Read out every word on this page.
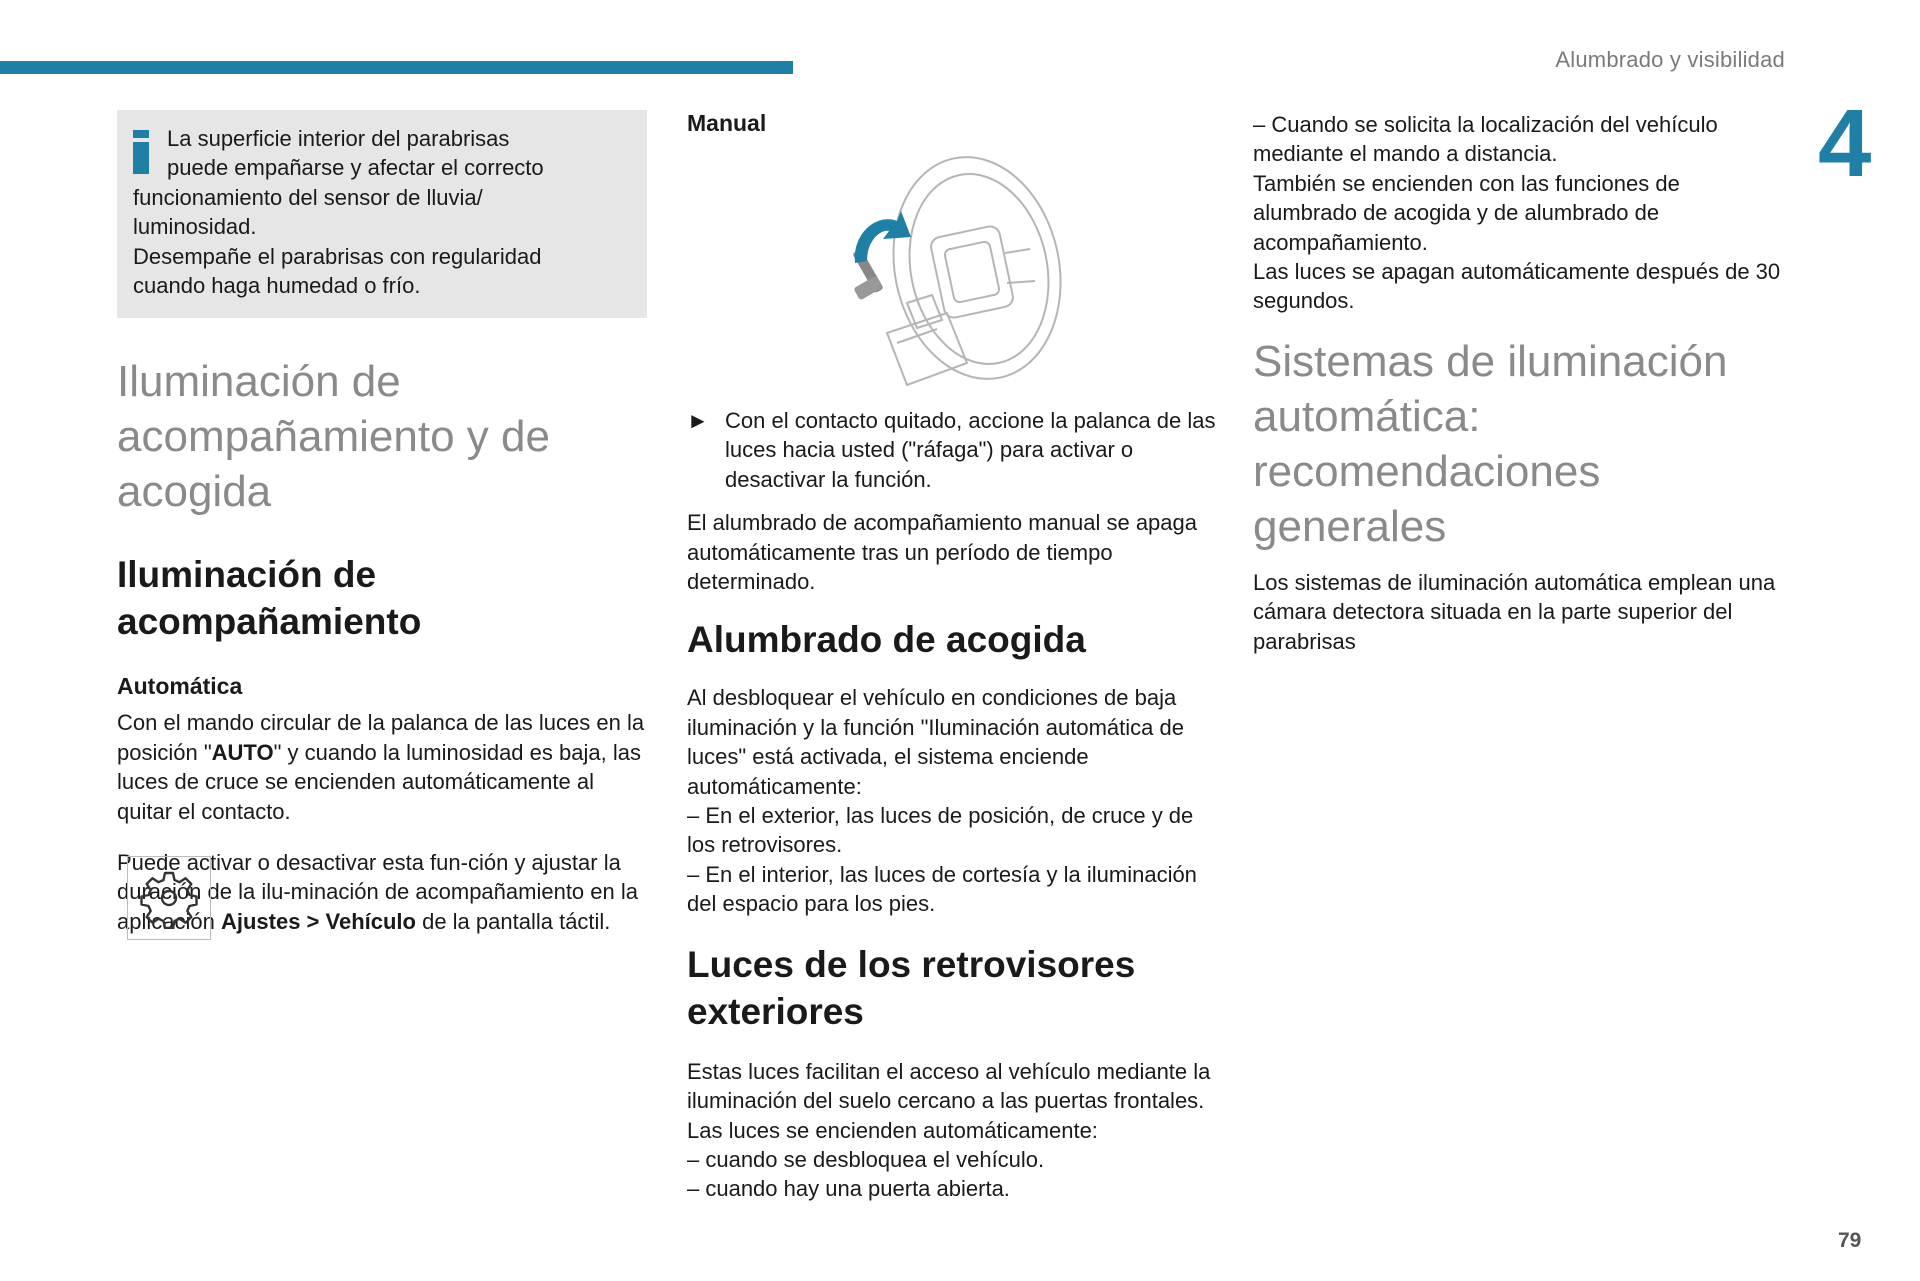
Alumbrado y visibilidad
4
79

La superficie interior del parabrisas

puede empañarse y afectar el correcto

funcionamiento del sensor de lluvia/ luminosidad.

Desempañe el parabrisas con regularidad cuando haga humedad o frío.

Iluminación de acompañamiento y de acogida
Iluminación de acompañamiento
Automática

Con el mando circular de la palanca de las luces en la posición "AUTO" y cuando la luminosidad es baja, las luces de cruce se encienden automáticamente al quitar el contacto.

Puede activar o desactivar esta fun-ción y ajustar la duración de la ilu-minación de acompañamiento en la aplicación Ajustes > Vehículo de la pantalla táctil.

Manual
► Con el contacto quitado, accione la palanca de las luces hacia usted ("ráfaga") para activar o desactivar la función.

El alumbrado de acompañamiento manual se apaga automáticamente tras un período de tiempo determinado.

Alumbrado de acogida

Al desbloquear el vehículo en condiciones de baja iluminación y la función "Iluminación automática de luces" está activada, el sistema enciende automáticamente:

– En el exterior, las luces de posición, de cruce y de los retrovisores.

– En el interior, las luces de cortesía y la iluminación del espacio para los pies.

Luces de los retrovisores exteriores

Estas luces facilitan el acceso al vehículo mediante la iluminación del suelo cercano a las puertas frontales.

Las luces se encienden automáticamente:

– cuando se desbloquea el vehículo.

– cuando hay una puerta abierta.

– Cuando se solicita la localización del vehículo mediante el mando a distancia.

También se encienden con las funciones de alumbrado de acogida y de alumbrado de acompañamiento.

Las luces se apagan automáticamente después de 30 segundos.

Sistemas de iluminación automática: recomendaciones generales

Los sistemas de iluminación automática emplean una cámara detectora situada en la parte superior del parabrisas
